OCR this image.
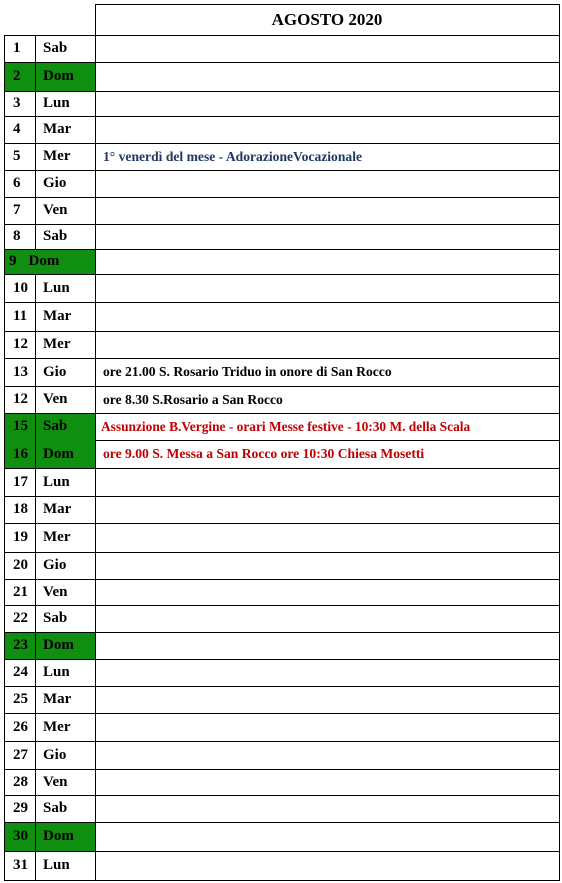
AGOSTO 2020
1	Sab
2	Dom
3	Lun
4	Mar
5	Mer	1° venerdì del mese - AdorazioneVocazionale
6	Gio
7	Ven
8	Sab
9 Dom
10	Lun
11	Mar
12	Mer
13	Gio	ore 21.00 S. Rosario Triduo in onore di San Rocco
12	Ven	ore 8.30 S.Rosario a San Rocco
15	Sab	Assunzione B.Vergine - orari Messe festive - 10:30 M. della Scala
16	Dom	ore 9.00 S. Messa a San Rocco ore 10:30 Chiesa Mosetti
17	Lun
18	Mar
19	Mer
20	Gio
21	Ven
22	Sab
23	Dom
24	Lun
25	Mar
26	Mer
27	Gio
28	Ven
29	Sab
30	Dom
31	Lun
